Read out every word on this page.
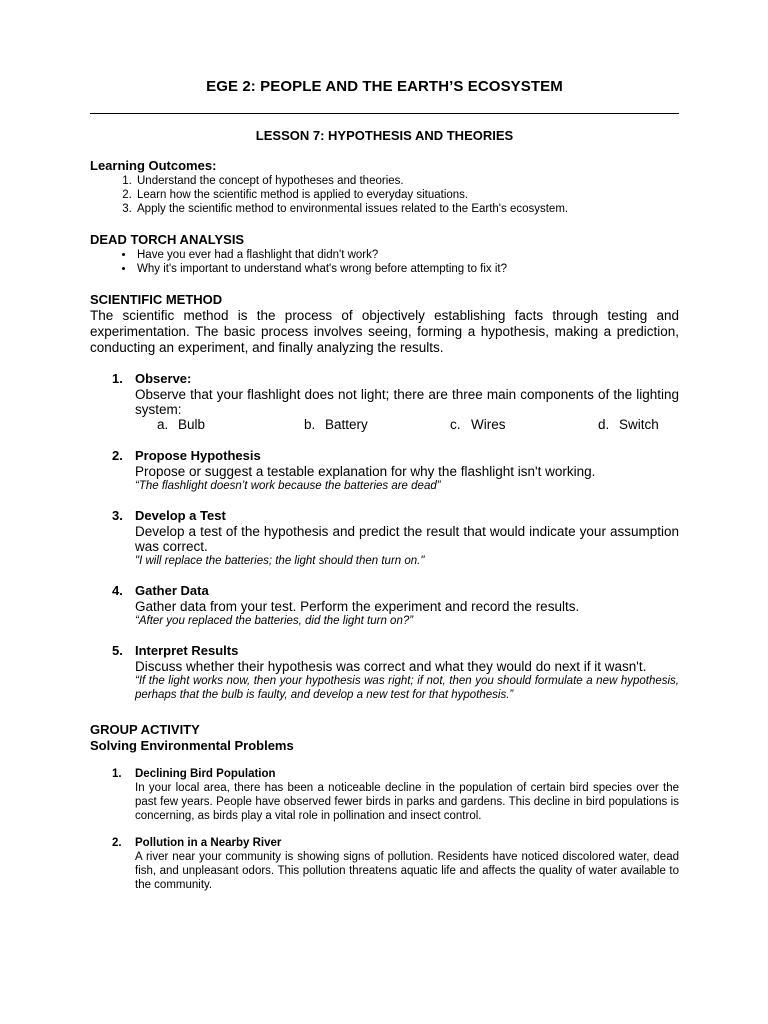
EGE 2: PEOPLE AND THE EARTH’S ECOSYSTEM
LESSON 7: HYPOTHESIS AND THEORIES
Learning Outcomes:
1. Understand the concept of hypotheses and theories.
2. Learn how the scientific method is applied to everyday situations.
3. Apply the scientific method to environmental issues related to the Earth's ecosystem.
DEAD TORCH ANALYSIS
• Have you ever had a flashlight that didn't work?
• Why it's important to understand what's wrong before attempting to fix it?
SCIENTIFIC METHOD
The scientific method is the process of objectively establishing facts through testing and experimentation. The basic process involves seeing, forming a hypothesis, making a prediction, conducting an experiment, and finally analyzing the results.
1. Observe:
Observe that your flashlight does not light; there are three main components of the lighting system:
a. Bulb	b. Battery	c. Wires	d. Switch
2. Propose Hypothesis
Propose or suggest a testable explanation for why the flashlight isn't working.
“The flashlight doesn’t work because the batteries are dead”
3. Develop a Test
Develop a test of the hypothesis and predict the result that would indicate your assumption was correct.
"I will replace the batteries; the light should then turn on."
4. Gather Data
Gather data from your test. Perform the experiment and record the results.
“After you replaced the batteries, did the light turn on?”
5. Interpret Results
Discuss whether their hypothesis was correct and what they would do next if it wasn't.
“If the light works now, then your hypothesis was right; if not, then you should formulate a new hypothesis, perhaps that the bulb is faulty, and develop a new test for that hypothesis.”
GROUP ACTIVITY
Solving Environmental Problems
1. Declining Bird Population
In your local area, there has been a noticeable decline in the population of certain bird species over the past few years. People have observed fewer birds in parks and gardens. This decline in bird populations is concerning, as birds play a vital role in pollination and insect control.
2. Pollution in a Nearby River
A river near your community is showing signs of pollution. Residents have noticed discolored water, dead fish, and unpleasant odors. This pollution threatens aquatic life and affects the quality of water available to the community.
